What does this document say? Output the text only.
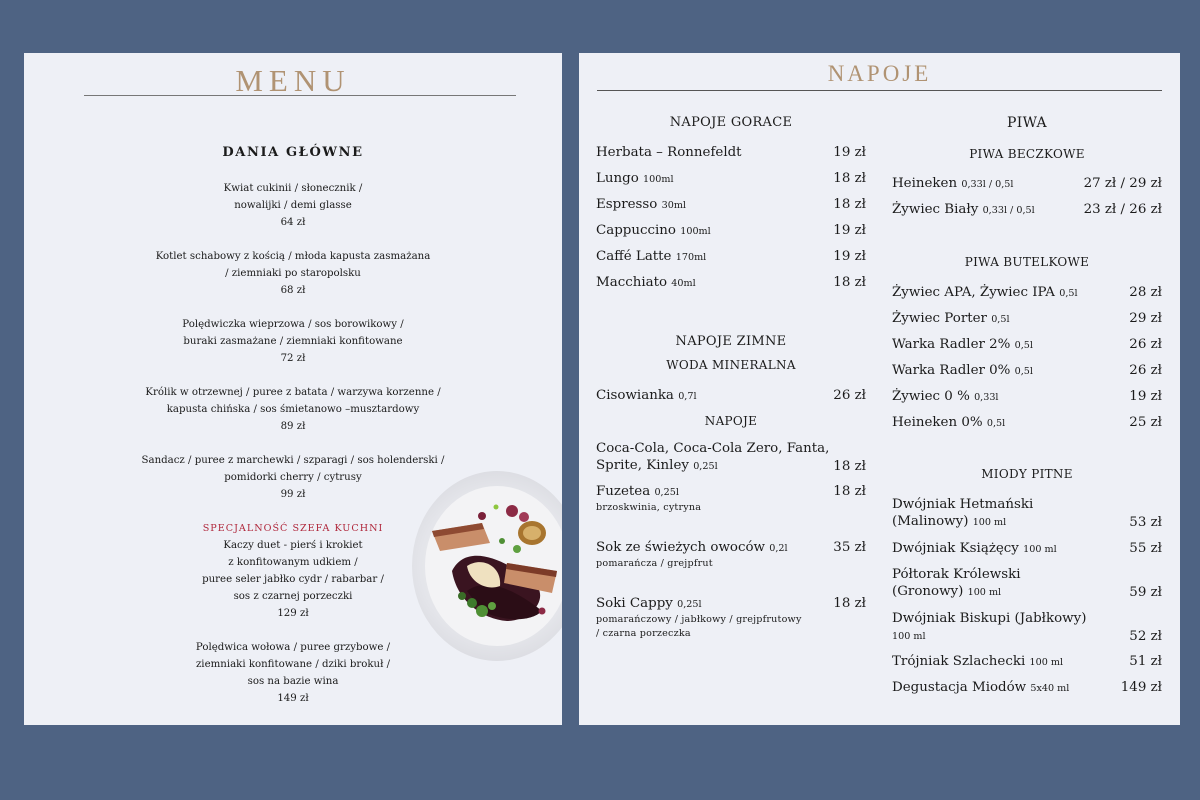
MENU
DANIA GŁÓWNE
Kwiat cukinii / słonecznik /
nowalijki / demi glasse
64 zł
Kotlet schabowy z kością / młoda kapusta zasmażana
/ ziemniaki po staropolsku
68 zł
Polędwiczka wieprzowa / sos borowikowy /
buraki zasmażane / ziemniaki konfitowane
72 zł
Królik w otrzewnej / puree z batata / warzywa korzenne /
kapusta chińska / sos śmietanowo –musztardowy
89 zł
Sandacz / puree z marchewki / szparagi / sos holenderski /
pomidorki cherry / cytrusy
99 zł
SPECJALNOŚĆ SZEFA KUCHNI
Kaczy duet - pierś i krokiet
z konfitowanym udkiem /
puree seler jabłko cydr / rabarbar /
sos z czarnej porzeczki
129 zł
Polędwica wołowa / puree grzybowe /
ziemniaki konfitowane / dziki brokuł /
sos na bazie wina
149 zł
NAPOJE
NAPOJE GORACE
Herbata – Ronnefeldt	19 zł
Lungo 100ml	18 zł
Espresso 30ml	18 zł
Cappuccino 100ml	19 zł
Caffé Latte 170ml	19 zł
Macchiato 40ml	18 zł
NAPOJE ZIMNE
WODA MINERALNA
Cisowianka 0,7l	26 zł
NAPOJE
Coca-Cola, Coca-Cola Zero, Fanta, Sprite, Kinley 0,25l	18 zł
Fuzetea 0,25l
brzoskwinia, cytryna
18 zł
Sok ze świeżych owoców 0,2l
pomarańcza / grejpfrut
35 zł
Soki Cappy 0,25l
pomarańczowy / jabłkowy / grejpfrutowy / czarna porzeczka
18 zł
PIWA
PIWA BECZKOWE
Heineken 0,33l / 0,5l	27 zł / 29 zł
Żywiec Biały 0,33l / 0,5l	23 zł / 26 zł
PIWA BUTELKOWE
Żywiec APA, Żywiec IPA 0,5l	28 zł
Żywiec Porter 0,5l	29 zł
Warka Radler 2% 0,5l	26 zł
Warka Radler 0% 0,5l	26 zł
Żywiec 0 % 0,33l	19 zł
Heineken 0% 0,5l	25 zł
MIODY PITNE
Dwójniak Hetmański (Malinowy) 100 ml	53 zł
Dwójniak Książęcy 100 ml	55 zł
Półtorak Królewski (Gronowy) 100 ml	59 zł
Dwójniak Biskupi (Jabłkowy) 100 ml	52 zł
Trójniak Szlachecki 100 ml	51 zł
Degustacja Miodów 5x40 ml	149 zł
